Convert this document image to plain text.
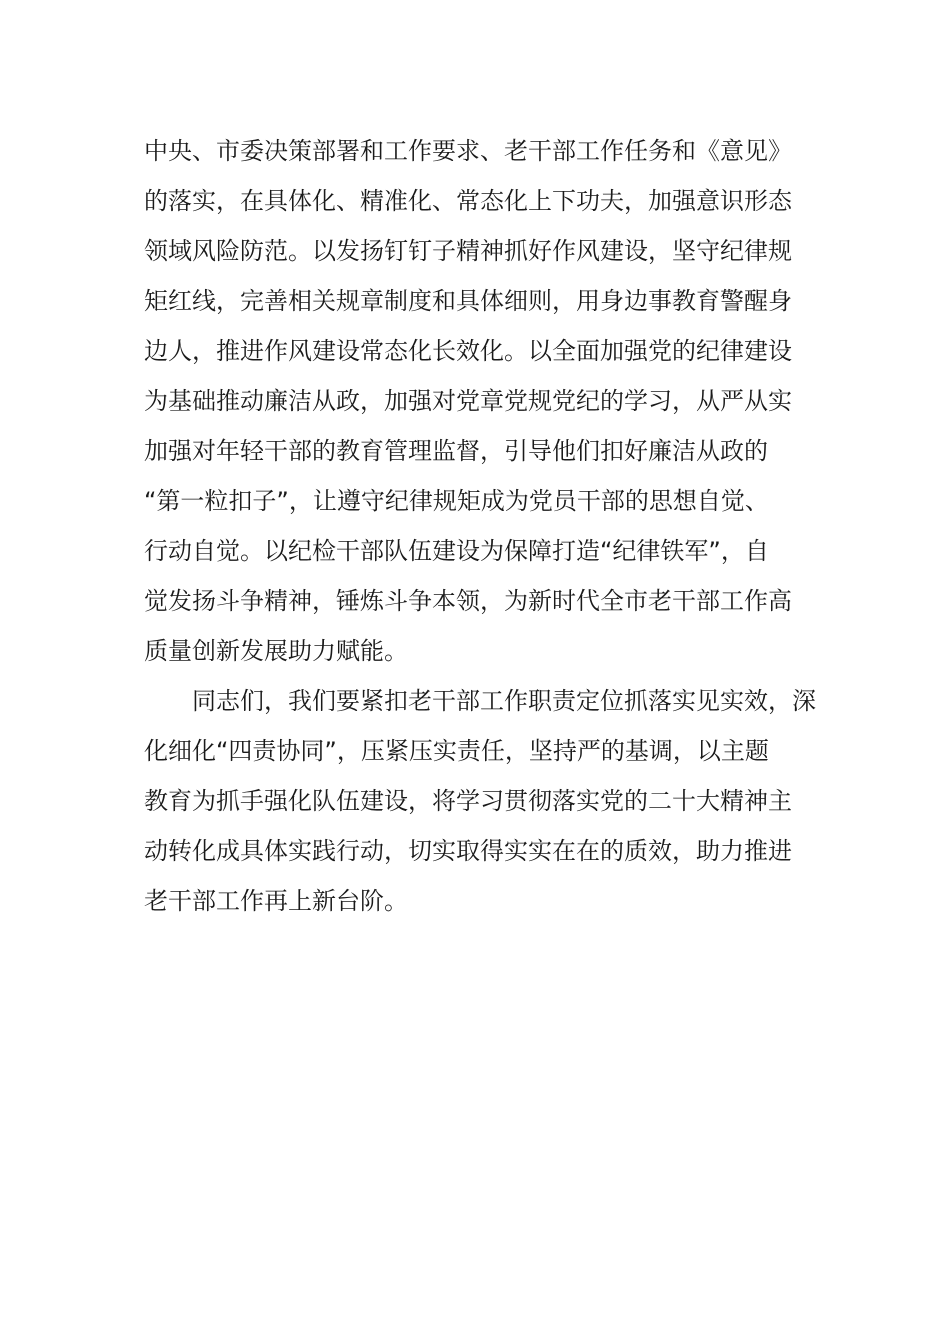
中央、市委决策部署和工作要求、老干部工作任务和《意见》
的落实，在具体化、精准化、常态化上下功夫，加强意识形态
领域风险防范。以发扬钉钉子精神抓好作风建设，坚守纪律规
矩红线，完善相关规章制度和具体细则，用身边事教育警醒身
边人，推进作风建设常态化长效化。以全面加强党的纪律建设
为基础推动廉洁从政，加强对党章党规党纪的学习，从严从实
加强对年轻干部的教育管理监督，引导他们扣好廉洁从政的
“第一粒扣子”，让遵守纪律规矩成为党员干部的思想自觉、
行动自觉。以纪检干部队伍建设为保障打造“纪律铁军”，自
觉发扬斗争精神，锤炼斗争本领，为新时代全市老干部工作高
质量创新发展助力赋能。
　　同志们，我们要紧扣老干部工作职责定位抓落实见实效，深
化细化“四责协同”，压紧压实责任，坚持严的基调，以主题
教育为抓手强化队伍建设，将学习贯彻落实党的二十大精神主
动转化成具体实践行动，切实取得实实在在的质效，助力推进
老干部工作再上新台阶。
